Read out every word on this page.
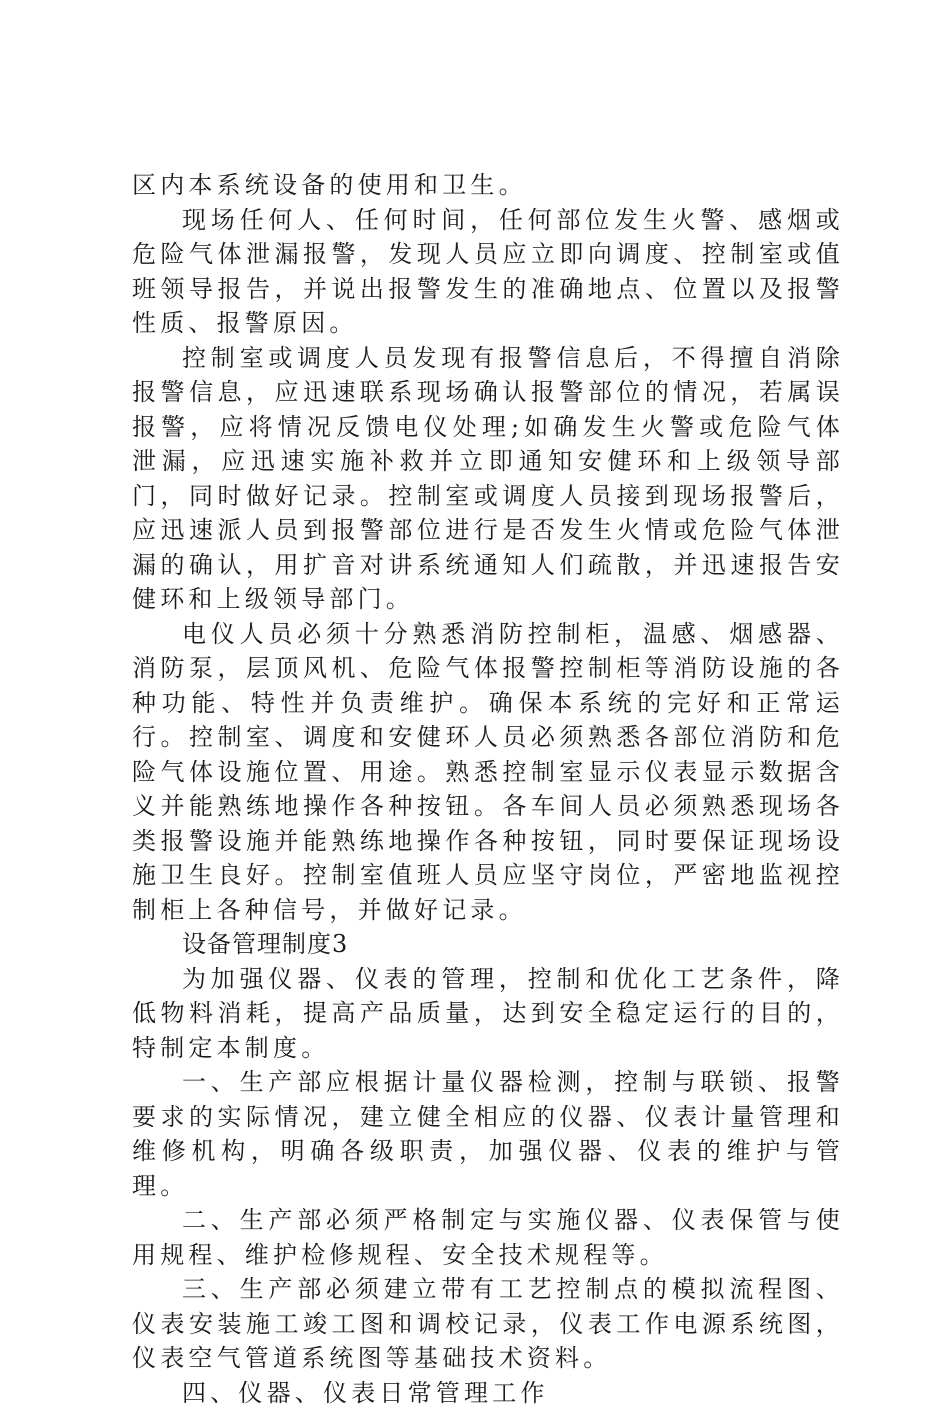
区内本系统设备的使用和卫生。

现场任何人、任何时间，任何部位发生火警、感烟或危险气体泄漏报警，发现人员应立即向调度、控制室或值班领导报告，并说出报警发生的准确地点、位置以及报警性质、报警原因。

控制室或调度人员发现有报警信息后，不得擅自消除报警信息，应迅速联系现场确认报警部位的情况，若属误报警，应将情况反馈电仪处理;如确发生火警或危险气体泄漏，应迅速实施补救并立即通知安健环和上级领导部门，同时做好记录。控制室或调度人员接到现场报警后，应迅速派人员到报警部位进行是否发生火情或危险气体泄漏的确认，用扩音对讲系统通知人们疏散，并迅速报告安健环和上级领导部门。

电仪人员必须十分熟悉消防控制柜，温感、烟感器、消防泵，层顶风机、危险气体报警控制柜等消防设施的各种功能、特性并负责维护。确保本系统的完好和正常运行。控制室、调度和安健环人员必须熟悉各部位消防和危险气体设施位置、用途。熟悉控制室显示仪表显示数据含义并能熟练地操作各种按钮。各车间人员必须熟悉现场各类报警设施并能熟练地操作各种按钮，同时要保证现场设施卫生良好。控制室值班人员应坚守岗位，严密地监视控制柜上各种信号，并做好记录。

设备管理制度3

为加强仪器、仪表的管理，控制和优化工艺条件，降低物料消耗，提高产品质量，达到安全稳定运行的目的，特制定本制度。

一、生产部应根据计量仪器检测，控制与联锁、报警要求的实际情况，建立健全相应的仪器、仪表计量管理和维修机构，明确各级职责，加强仪器、仪表的维护与管理。

二、生产部必须严格制定与实施仪器、仪表保管与使用规程、维护检修规程、安全技术规程等。

三、生产部必须建立带有工艺控制点的模拟流程图、仪表安装施工竣工图和调校记录，仪表工作电源系统图，仪表空气管道系统图等基础技术资料。

四、仪器、仪表日常管理工作
